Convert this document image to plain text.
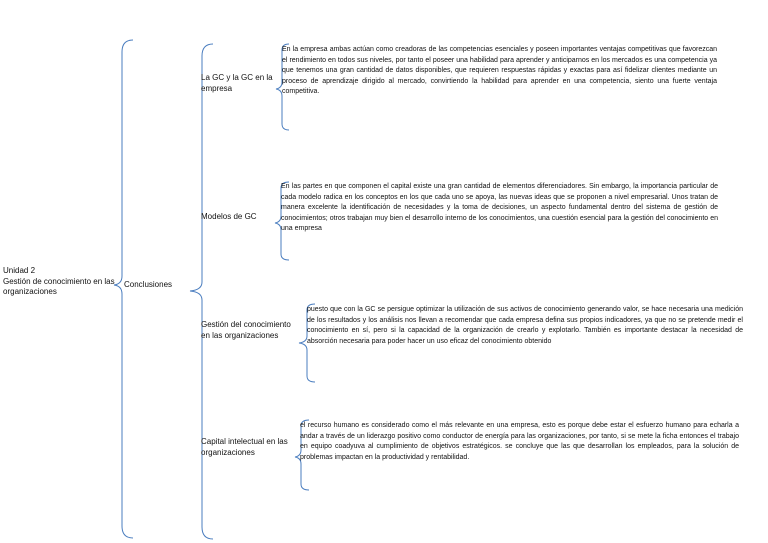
Unidad 2
Gestión de conocimiento en las organizaciones
Conclusiones
La GC y la GC en la empresa

En la empresa ambas actúan como creadoras de las competencias esenciales y poseen importantes ventajas competitivas que favorezcan el rendimiento en todos sus niveles, por tanto el poseer una habilidad para aprender y anticiparnos en los mercados es una competencia ya que tenemos una gran cantidad de datos disponibles, que requieren respuestas rápidas y exactas para así fidelizar clientes mediante un proceso de aprendizaje dirigido al mercado, convirtiendo la habilidad para aprender en una competencia, siento una fuerte ventaja competitiva.

Modelos de GC

En las partes en que componen el capital existe una gran cantidad de elementos diferenciadores. Sin embargo, la importancia particular de cada modelo radica en los conceptos en los que cada uno se apoya, las nuevas ideas que se proponen a nivel empresarial. Unos tratan de manera excelente la identificación de necesidades y la toma de decisiones, un aspecto fundamental dentro del sistema de gestión de conocimientos; otros trabajan muy bien el desarrollo interno de los conocimientos, una cuestión esencial para la gestión del conocimiento en una empresa

Gestión del conocimiento en las organizaciones

puesto que con la GC se persigue optimizar la utilización de sus activos de conocimiento generando valor, se hace necesaria una medición de los resultados y los análisis nos llevan a recomendar que cada empresa defina sus propios indicadores, ya que no se pretende medir el conocimiento en sí, pero si la capacidad de la organización de crearlo y explotarlo. También es importante destacar la necesidad de absorción necesaria para poder hacer un uso eficaz del conocimiento obtenido

Capital intelectual en las organizaciones

el recurso humano es considerado como el más relevante en una empresa, esto es porque debe estar el esfuerzo humano para echarla a andar a través de un liderazgo positivo como conductor de energía para las organizaciones, por tanto, si se mete la ficha entonces el trabajo en equipo coadyuva al cumplimiento de objetivos estratégicos. se concluye que las que desarrollan los empleados, para la solución de problemas impactan en la productividad y rentabilidad.
